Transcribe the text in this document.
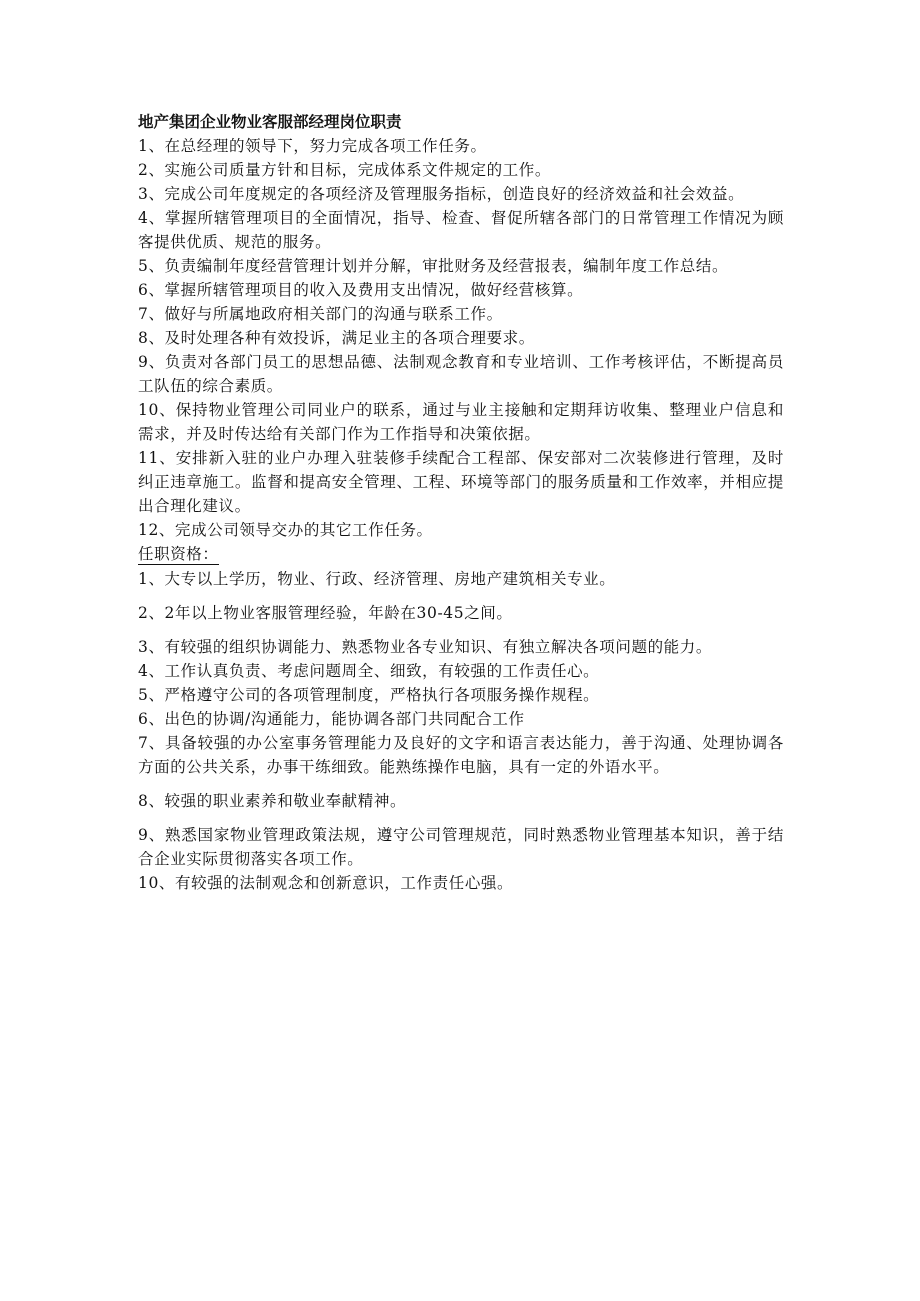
地产集团企业物业客服部经理岗位职责

1、在总经理的领导下，努力完成各项工作任务。

2、实施公司质量方针和目标，完成体系文件规定的工作。

3、完成公司年度规定的各项经济及管理服务指标，创造良好的经济效益和社会效益。

4、掌握所辖管理项目的全面情况，指导、检查、督促所辖各部门的日常管理工作情况为顾客提供优质、规范的服务。

5、负责编制年度经营管理计划并分解，审批财务及经营报表，编制年度工作总结。

6、掌握所辖管理项目的收入及费用支出情况，做好经营核算。

7、做好与所属地政府相关部门的沟通与联系工作。

8、及时处理各种有效投诉，满足业主的各项合理要求。

9、负责对各部门员工的思想品德、法制观念教育和专业培训、工作考核评估，不断提高员工队伍的综合素质。

10、保持物业管理公司同业户的联系，通过与业主接触和定期拜访收集、整理业户信息和需求，并及时传达给有关部门作为工作指导和决策依据。

11、安排新入驻的业户办理入驻装修手续配合工程部、保安部对二次装修进行管理，及时纠正违章施工。监督和提高安全管理、工程、环境等部门的服务质量和工作效率，并相应提出合理化建议。

12、完成公司领导交办的其它工作任务。

任职资格：

1、大专以上学历，物业、行政、经济管理、房地产建筑相关专业。

2、2年以上物业客服管理经验，年龄在30-45之间。

3、有较强的组织协调能力、熟悉物业各专业知识、有独立解决各项问题的能力。

4、工作认真负责、考虑问题周全、细致，有较强的工作责任心。

5、严格遵守公司的各项管理制度，严格执行各项服务操作规程。

6、出色的协调/沟通能力，能协调各部门共同配合工作

7、具备较强的办公室事务管理能力及良好的文字和语言表达能力，善于沟通、处理协调各方面的公共关系，办事干练细致。能熟练操作电脑，具有一定的外语水平。

8、较强的职业素养和敬业奉献精神。

9、熟悉国家物业管理政策法规，遵守公司管理规范，同时熟悉物业管理基本知识，善于结合企业实际贯彻落实各项工作。

10、有较强的法制观念和创新意识，工作责任心强。
